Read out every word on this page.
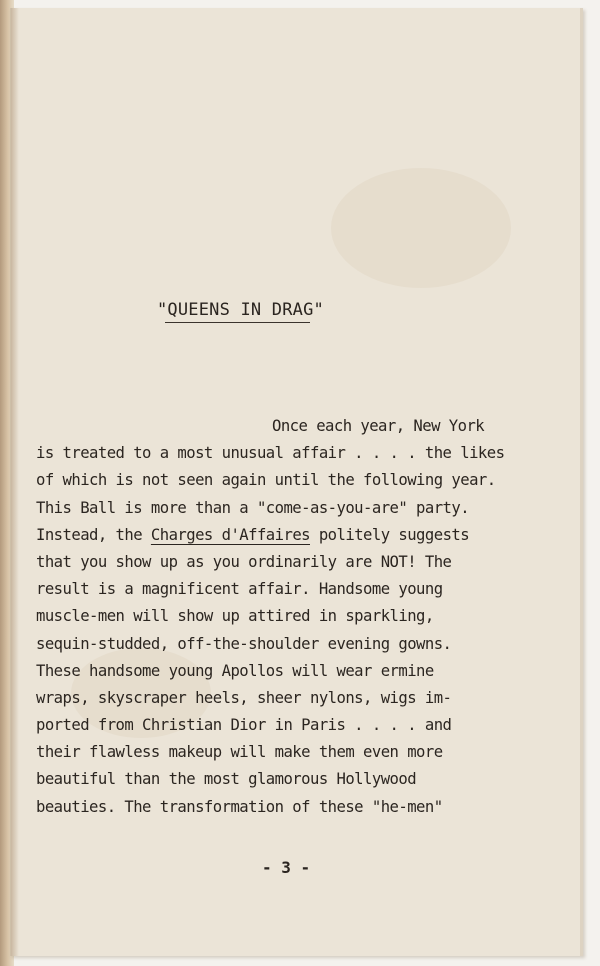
"QUEENS IN DRAG"
Once each year, New York
is treated to a most unusual affair . . . . the likes
of which is not seen again until the following year.
This Ball is more than a "come-as-you-are" party.
Instead, the Charges d'Affaires politely suggests
that you show up as you ordinarily are NOT! The
result is a magnificent affair. Handsome young
muscle-men will show up attired in sparkling,
sequin-studded, off-the-shoulder evening gowns.
These handsome young Apollos will wear ermine
wraps, skyscraper heels, sheer nylons, wigs im-
ported from Christian Dior in Paris . . . . and
their flawless makeup will make them even more
beautiful than the most glamorous Hollywood
beauties. The transformation of these "he-men"
- 3 -
